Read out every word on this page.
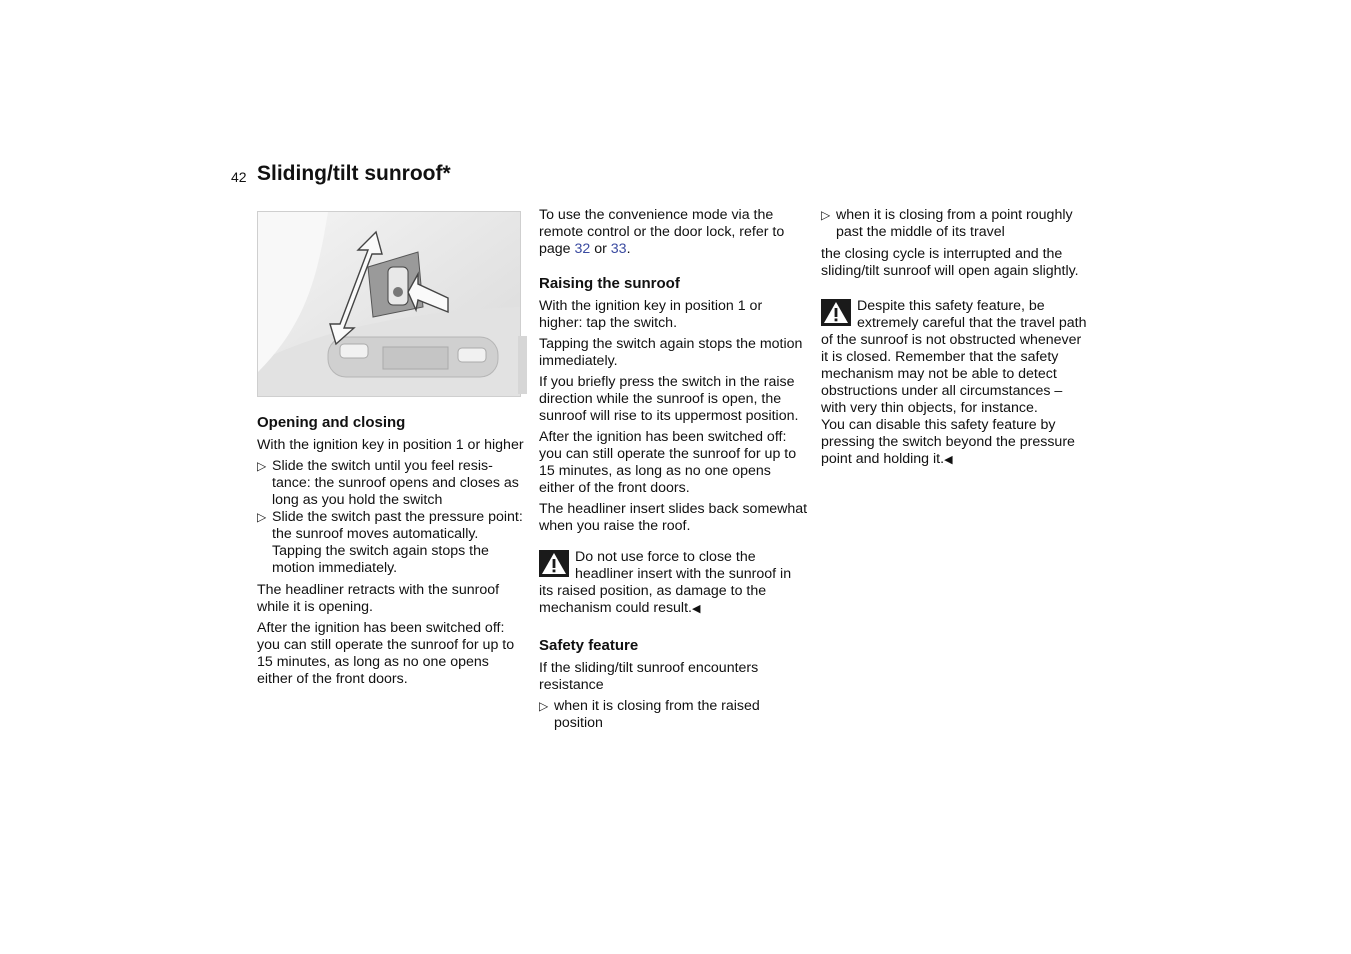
42 Sliding/tilt sunroof*
Opening and closing

With the ignition key in position 1 or higher

▷ Slide the switch until you feel resistance: the sunroof opens and closes as long as you hold the switch
▷ Slide the switch past the pressure point: the sunroof moves automatically.
Tapping the switch again stops the motion immediately.

The headliner retracts with the sunroof while it is opening.

After the ignition has been switched off: you can still operate the sunroof for up to 15 minutes, as long as no one opens either of the front doors.

To use the convenience mode via the remote control or the door lock, refer to page 32 or 33.

Raising the sunroof

With the ignition key in position 1 or higher: tap the switch.

Tapping the switch again stops the motion immediately.

If you briefly press the switch in the raise direction while the sunroof is open, the sunroof will rise to its uppermost position.

After the ignition has been switched off: you can still operate the sunroof for up to 15 minutes, as long as no one opens either of the front doors.

The headliner insert slides back somewhat when you raise the roof.

Do not use force to close the headliner insert with the sunroof in its raised position, as damage to the mechanism could result.◀
Safety feature

If the sliding/tilt sunroof encounters resistance

▷ when it is closing from the raised position
▷ when it is closing from a point roughly past the middle of its travel

the closing cycle is interrupted and the sliding/tilt sunroof will open again slightly.

Despite this safety feature, be extremely careful that the travel path of the sunroof is not obstructed whenever it is closed. Remember that the safety mechanism may not be able to detect obstructions under all circumstances – with very thin objects, for instance.
You can disable this safety feature by pressing the switch beyond the pressure point and holding it.◀
